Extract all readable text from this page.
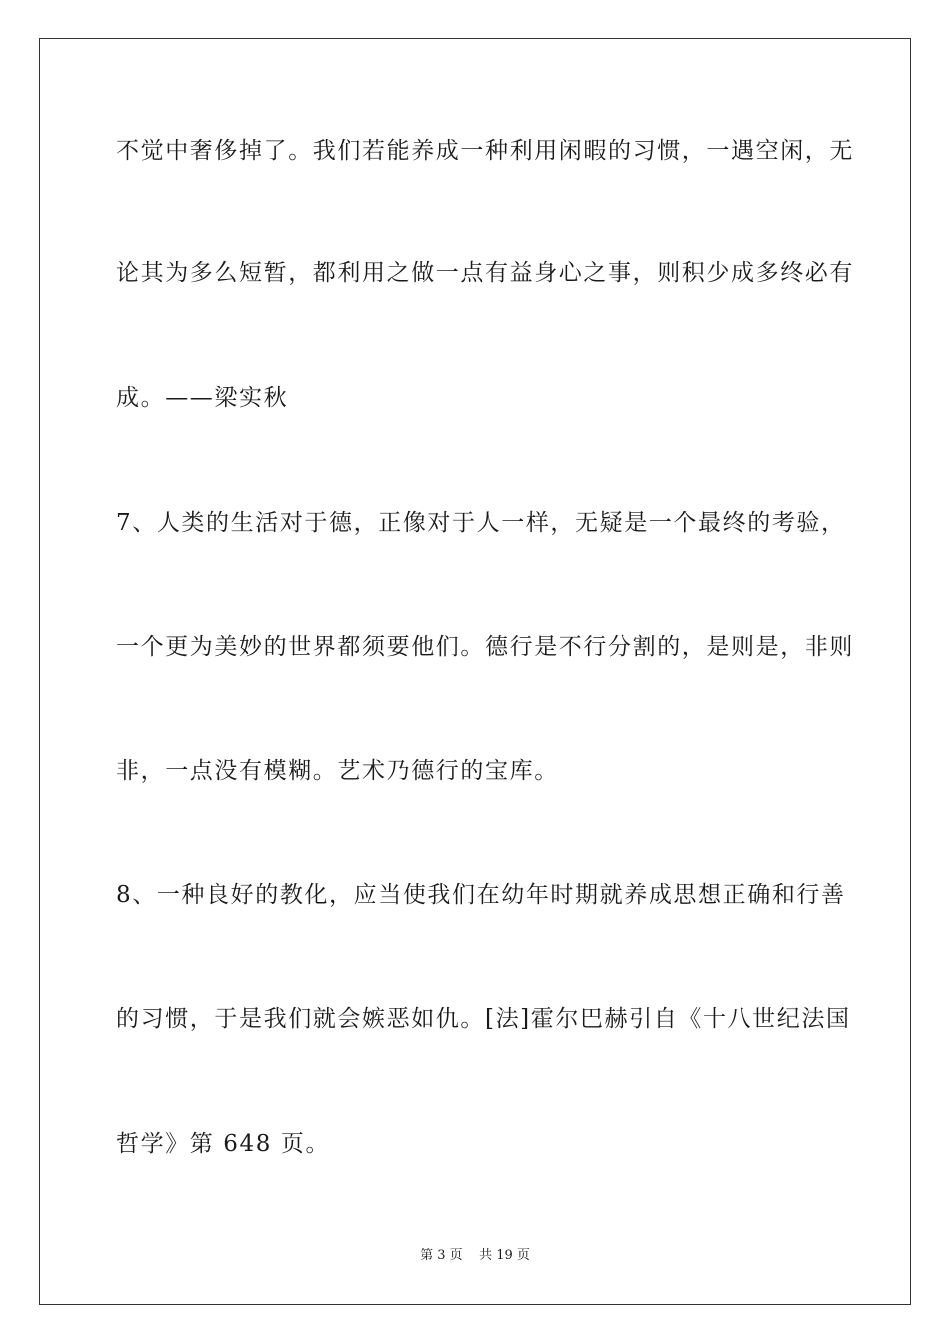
不觉中奢侈掉了。我们若能养成一种利用闲暇的习惯，一遇空闲，无
论其为多么短暂，都利用之做一点有益身心之事，则积少成多终必有
成。——梁实秋
7、人类的生活对于德，正像对于人一样，无疑是一个最终的考验，
一个更为美妙的世界都须要他们。德行是不行分割的，是则是，非则
非，一点没有模糊。艺术乃德行的宝库。
8、一种良好的教化，应当使我们在幼年时期就养成思想正确和行善
的习惯，于是我们就会嫉恶如仇。[法]霍尔巴赫引自《十八世纪法国
哲学》第 648 页。
第 3 页    共 19 页
